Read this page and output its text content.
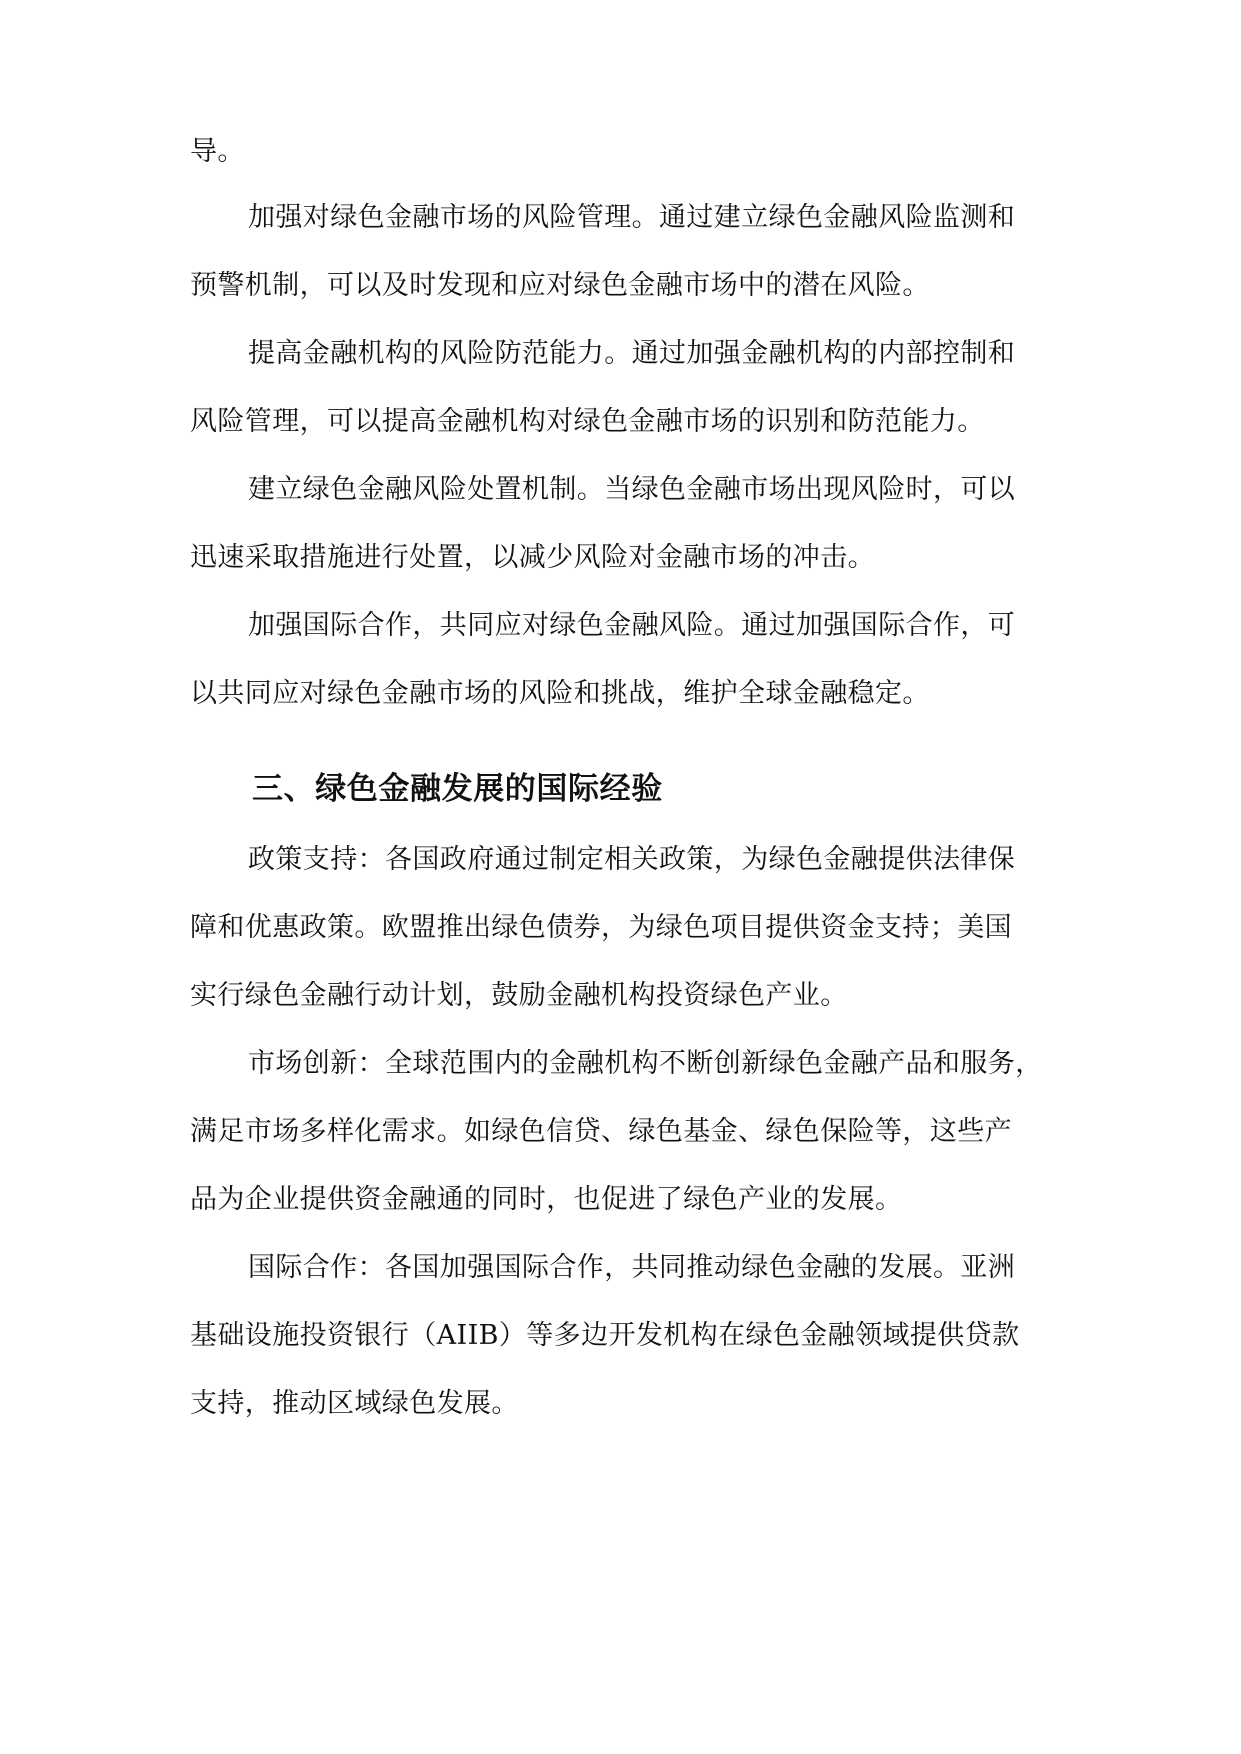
导。
加强对绿色金融市场的风险管理。通过建立绿色金融风险监测和
预警机制，可以及时发现和应对绿色金融市场中的潜在风险。
提高金融机构的风险防范能力。通过加强金融机构的内部控制和
风险管理，可以提高金融机构对绿色金融市场的识别和防范能力。
建立绿色金融风险处置机制。当绿色金融市场出现风险时，可以
迅速采取措施进行处置，以减少风险对金融市场的冲击。
加强国际合作，共同应对绿色金融风险。通过加强国际合作，可
以共同应对绿色金融市场的风险和挑战，维护全球金融稳定。
三、绿色金融发展的国际经验
政策支持：各国政府通过制定相关政策，为绿色金融提供法律保
障和优惠政策。欧盟推出绿色债券，为绿色项目提供资金支持；美国
实行绿色金融行动计划，鼓励金融机构投资绿色产业。
市场创新：全球范围内的金融机构不断创新绿色金融产品和服务，
满足市场多样化需求。如绿色信贷、绿色基金、绿色保险等，这些产
品为企业提供资金融通的同时，也促进了绿色产业的发展。
国际合作：各国加强国际合作，共同推动绿色金融的发展。亚洲
基础设施投资银行（AIIB）等多边开发机构在绿色金融领域提供贷款
支持，推动区域绿色发展。
